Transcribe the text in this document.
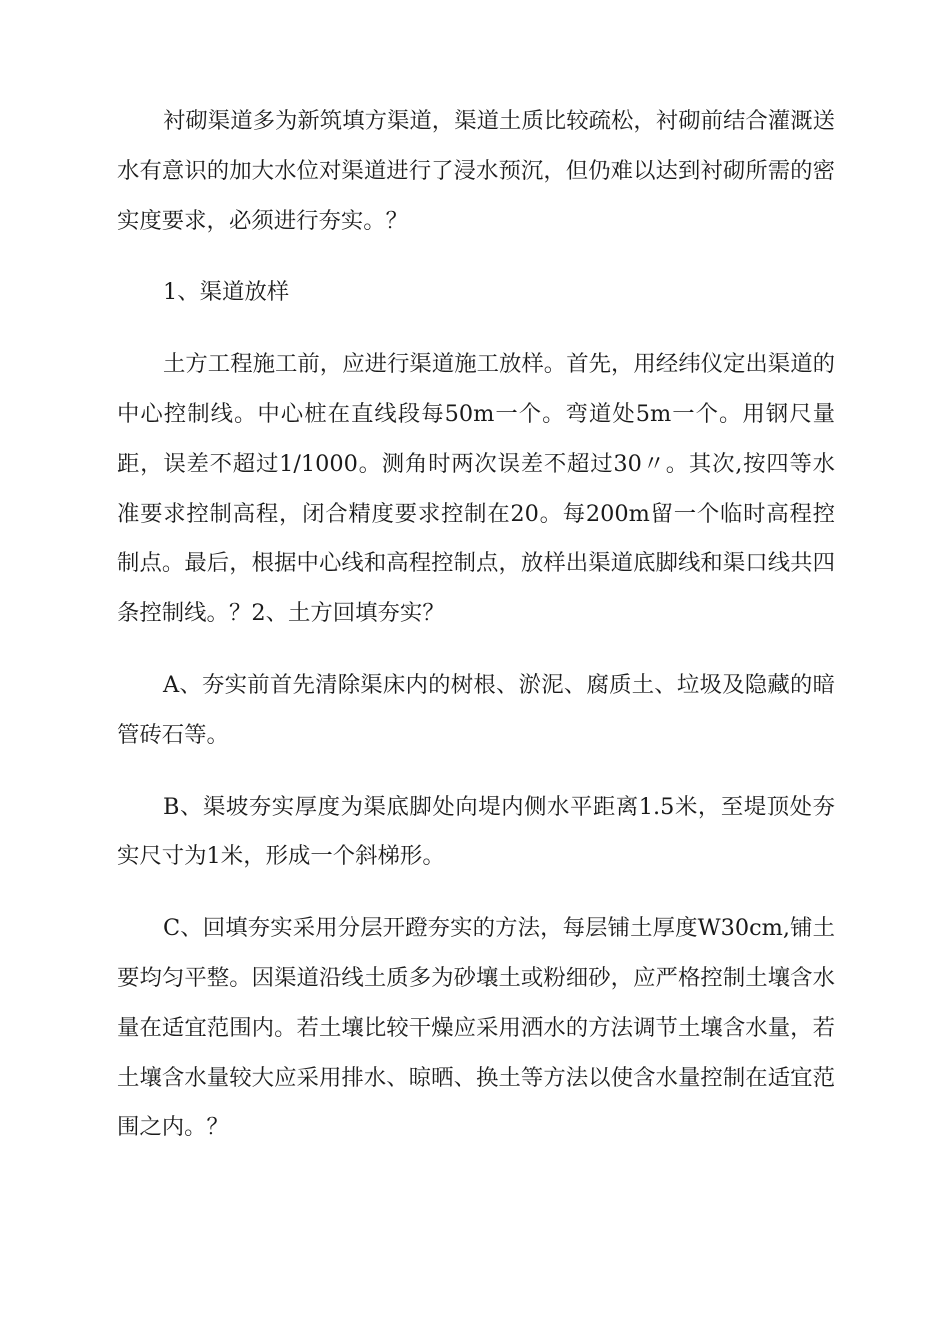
衬砌渠道多为新筑填方渠道，渠道土质比较疏松，衬砌前结合灌溉送水有意识的加大水位对渠道进行了浸水预沉，但仍难以达到衬砌所需的密实度要求，必须进行夯实。？

1、渠道放样

土方工程施工前，应进行渠道施工放样。首先，用经纬仪定出渠道的中心控制线。中心桩在直线段每50m一个。弯道处5m一个。用钢尺量距，误差不超过1/1000。测角时两次误差不超过30〃。其次,按四等水准要求控制高程，闭合精度要求控制在20。每200m留一个临时高程控制点。最后，根据中心线和高程控制点，放样出渠道底脚线和渠口线共四条控制线。？2、土方回填夯实？

A、夯实前首先清除渠床内的树根、淤泥、腐质土、垃圾及隐藏的暗管砖石等。

B、渠坡夯实厚度为渠底脚处向堤内侧水平距离1.5米，至堤顶处夯实尺寸为1米，形成一个斜梯形。

C、回填夯实采用分层开蹬夯实的方法，每层铺土厚度W30cm,铺土要均匀平整。因渠道沿线土质多为砂壤土或粉细砂，应严格控制土壤含水量在适宜范围内。若土壤比较干燥应采用洒水的方法调节土壤含水量，若土壤含水量较大应采用排水、晾晒、换土等方法以使含水量控制在适宜范围之内。？
